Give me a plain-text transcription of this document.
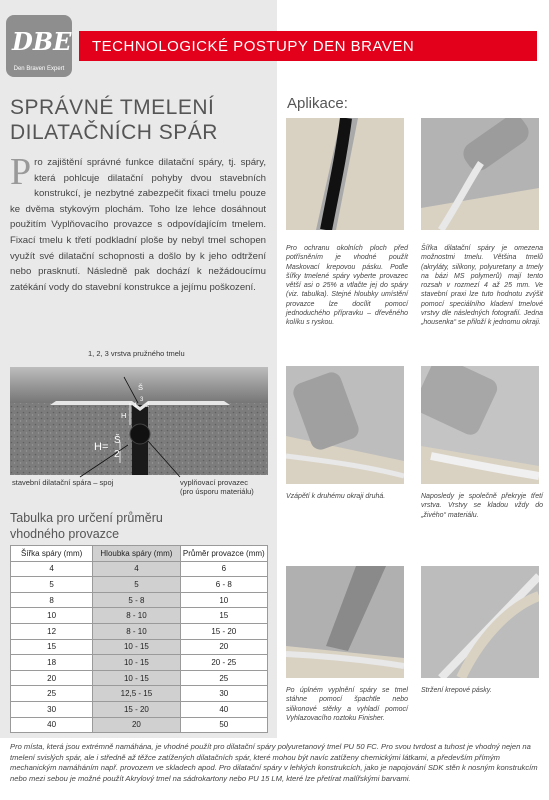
DBE
Den Braven Expert
TECHNOLOGICKÉ POSTUPY DEN BRAVEN
SPRÁVNÉ TMELENÍ
DILATAČNÍCH SPÁR
Pro zajištění správné funkce dilatační spáry, tj. spáry, která pohlcuje dilatační pohyby dvou stavebních konstrukcí, je nezbytné zabezpečit fixaci tmelu pouze ke dvěma stykovým plochám. Toho lze lehce dosáhnout použitím Vyplňovacího provazce s odpovídajícím tmelem. Fixací tmelu k třetí podkladní ploše by nebyl tmel schopen využít své dilatační schopnosti a došlo by k jeho odtržení nebo prasknutí. Následně pak dochází k nežádoucímu zatékání vody do stavební konstrukce a jejímu poškození.
1, 2, 3 vrstva pružného tmelu
Š
1 2
3
H
H=
Š
2
stavební dilatační spára – spoj	vyplňovací provazec
(pro úsporu materiálu)
Tabulka pro určení průměru
vhodného provazce
Šířka spáry (mm)	Hloubka spáry (mm)	Průměr provazce (mm)
4	4	6
5	5	6 - 8
8	5 - 8	10
10	8 - 10	15
12	8 - 10	15 - 20
15	10 - 15	20
18	10 - 15	20 - 25
20	10 - 15	25
25	12,5 - 15	30
30	15 - 20	40
40	20	50
Aplikace:
Pro ochranu okolních ploch před potřísněním je vhodné použít Maskovací krepovou pásku. Podle šířky tmelené spáry vyberte provazec větší asi o 25% a vtlačte jej do spáry (viz. tabulka). Stejné hloubky umístění provazce lze docílit pomocí jednoduchého přípravku – dřevěného kolíku s ryskou.
Šířka dilatační spáry je omezena možnostmi tmelu. Většina tmelů (akryláty, silikony, polyuretany a tmely na bázi MS polymerů) mají tento rozsah v rozmezí 4 až 25 mm. Ve stavební praxi lze tuto hodnotu zvýšit pomocí speciálního kladení tmelové vrstvy dle následných fotografií. Jedna „housenka“ se přiloží k jednomu okraji.
Vzápětí k druhému okraji druhá.	Naposledy je společně překryje třetí vrstva. Vrstvy se kladou vždy do „živého“ materiálu.
Po úplném vyplnění spáry se tmel stáhne pomocí špachtle nebo silikonové stěrky a vyhladí pomocí Vyhlazovacího roztoku Finisher.
Stržení krepové pásky.
Pro místa, která jsou extrémně namáhána, je vhodné použít pro dilatační spáry polyuretanový tmel PU 50 FC. Pro svou tvrdost a tuhost je vhodný nejen na tmelení svislých spár, ale i středně až těžce zatížených dilatačních spár, které mohou být navíc zatíženy chemickými látkami, a především přímým mechanickým namáháním např. provozem ve skladech apod. Pro dilatační spáry v lehkých konstrukcích, jako je napojování SDK stěn k nosným konstrukcím nebo mezi sebou je možné použít Akrylový tmel na sádrokartony nebo PU 15 LM, které lze přetírat malířskými barvami.
